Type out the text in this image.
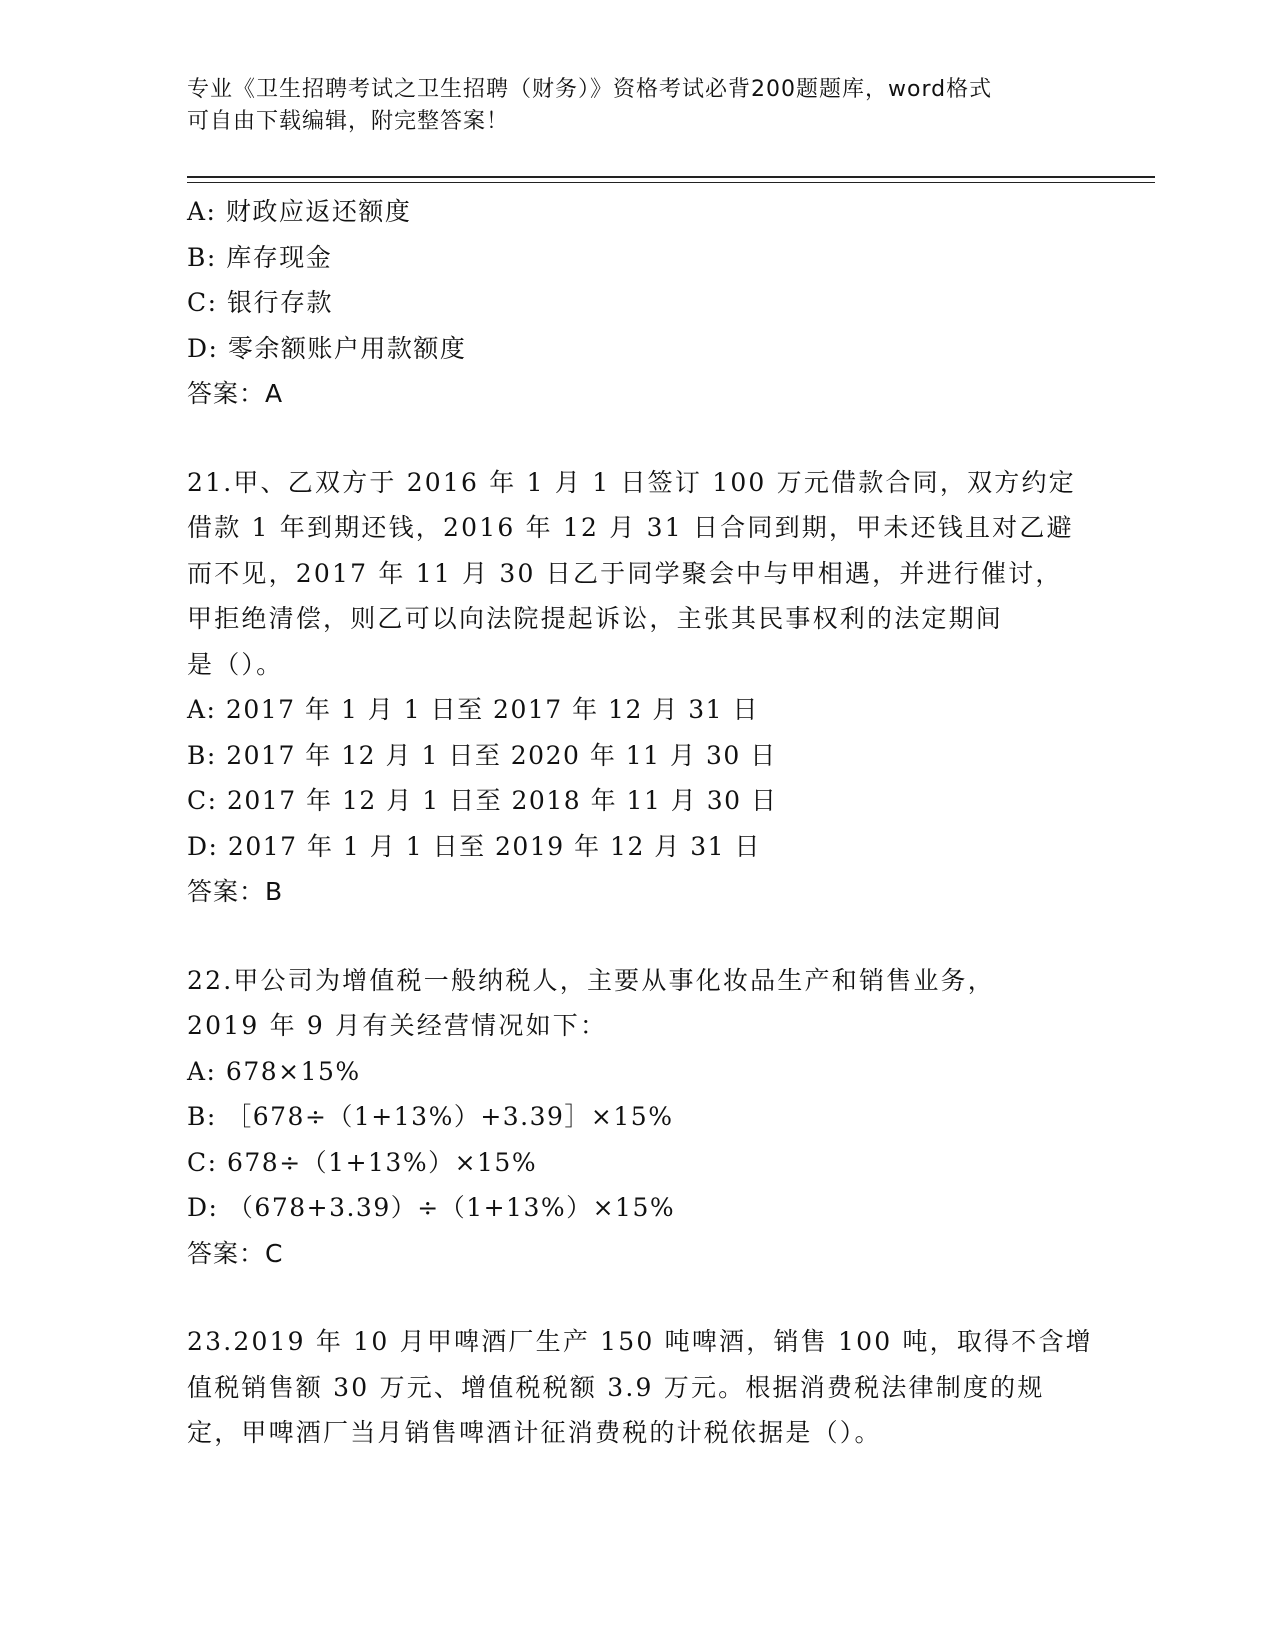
专业《卫生招聘考试之卫生招聘（财务）》资格考试必背200题题库，word格式
可自由下载编辑，附完整答案！
A: 财政应返还额度
B: 库存现金
C: 银行存款
D: 零余额账户用款额度
答案：A
21.甲、乙双方于 2016 年 1 月 1 日签订 100 万元借款合同，双方约定
借款 1 年到期还钱，2016 年 12 月 31 日合同到期，甲未还钱且对乙避
而不见，2017 年 11 月 30 日乙于同学聚会中与甲相遇，并进行催讨，
甲拒绝清偿，则乙可以向法院提起诉讼，主张其民事权利的法定期间
是（）。
A: 2017 年 1 月 1 日至 2017 年 12 月 31 日
B: 2017 年 12 月 1 日至 2020 年 11 月 30 日
C: 2017 年 12 月 1 日至 2018 年 11 月 30 日
D: 2017 年 1 月 1 日至 2019 年 12 月 31 日
答案：B
22.甲公司为增值税一般纳税人，主要从事化妆品生产和销售业务，
2019 年 9 月有关经营情况如下：
A: 678×15%
B: ［678÷（1+13%）+3.39］×15%
C: 678÷（1+13%）×15%
D: （678+3.39）÷（1+13%）×15%
答案：C
23.2019 年 10 月甲啤酒厂生产 150 吨啤酒，销售 100 吨，取得不含增
值税销售额 30 万元、增值税税额 3.9 万元。根据消费税法律制度的规
定，甲啤酒厂当月销售啤酒计征消费税的计税依据是（）。
